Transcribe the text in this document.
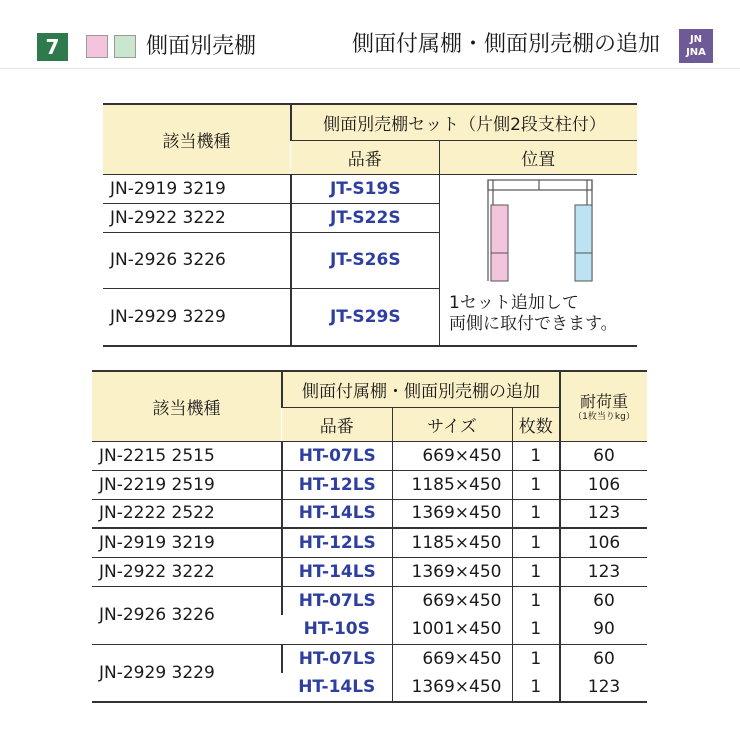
7	側面別売棚	側面付属棚・側面別売棚の追加	JN
JNA
該当機種	側面別売棚セット（片側2段支柱付）	
	品番	位置
JN-2919 3219	JT-S19S	
JN-2922 3222	JT-S22S	
JN-2926 3226	JT-S26S	
JN-2929 3229	JT-S29S	
1セット追加して
両側に取付できます。
該当機種	側面付属棚・側面別売棚の追加			耐荷重
（1枚当りkg）

	品番	サイズ	枚数	
JN-2215 2515	HT-07LS	669×450	1	60
JN-2219 2519	HT-12LS	1185×450	1	106
JN-2222 2522	HT-14LS	1369×450	1	123
JN-2919 3219	HT-12LS	1185×450	1	106
JN-2922 3222	HT-14LS	1369×450	1	123
JN-2926 3226	HT-07LS	669×450	1	60
	HT-10S	1001×450	1	90
JN-2929 3229	HT-07LS	669×450	1	60
	HT-14LS	1369×450	1	123
